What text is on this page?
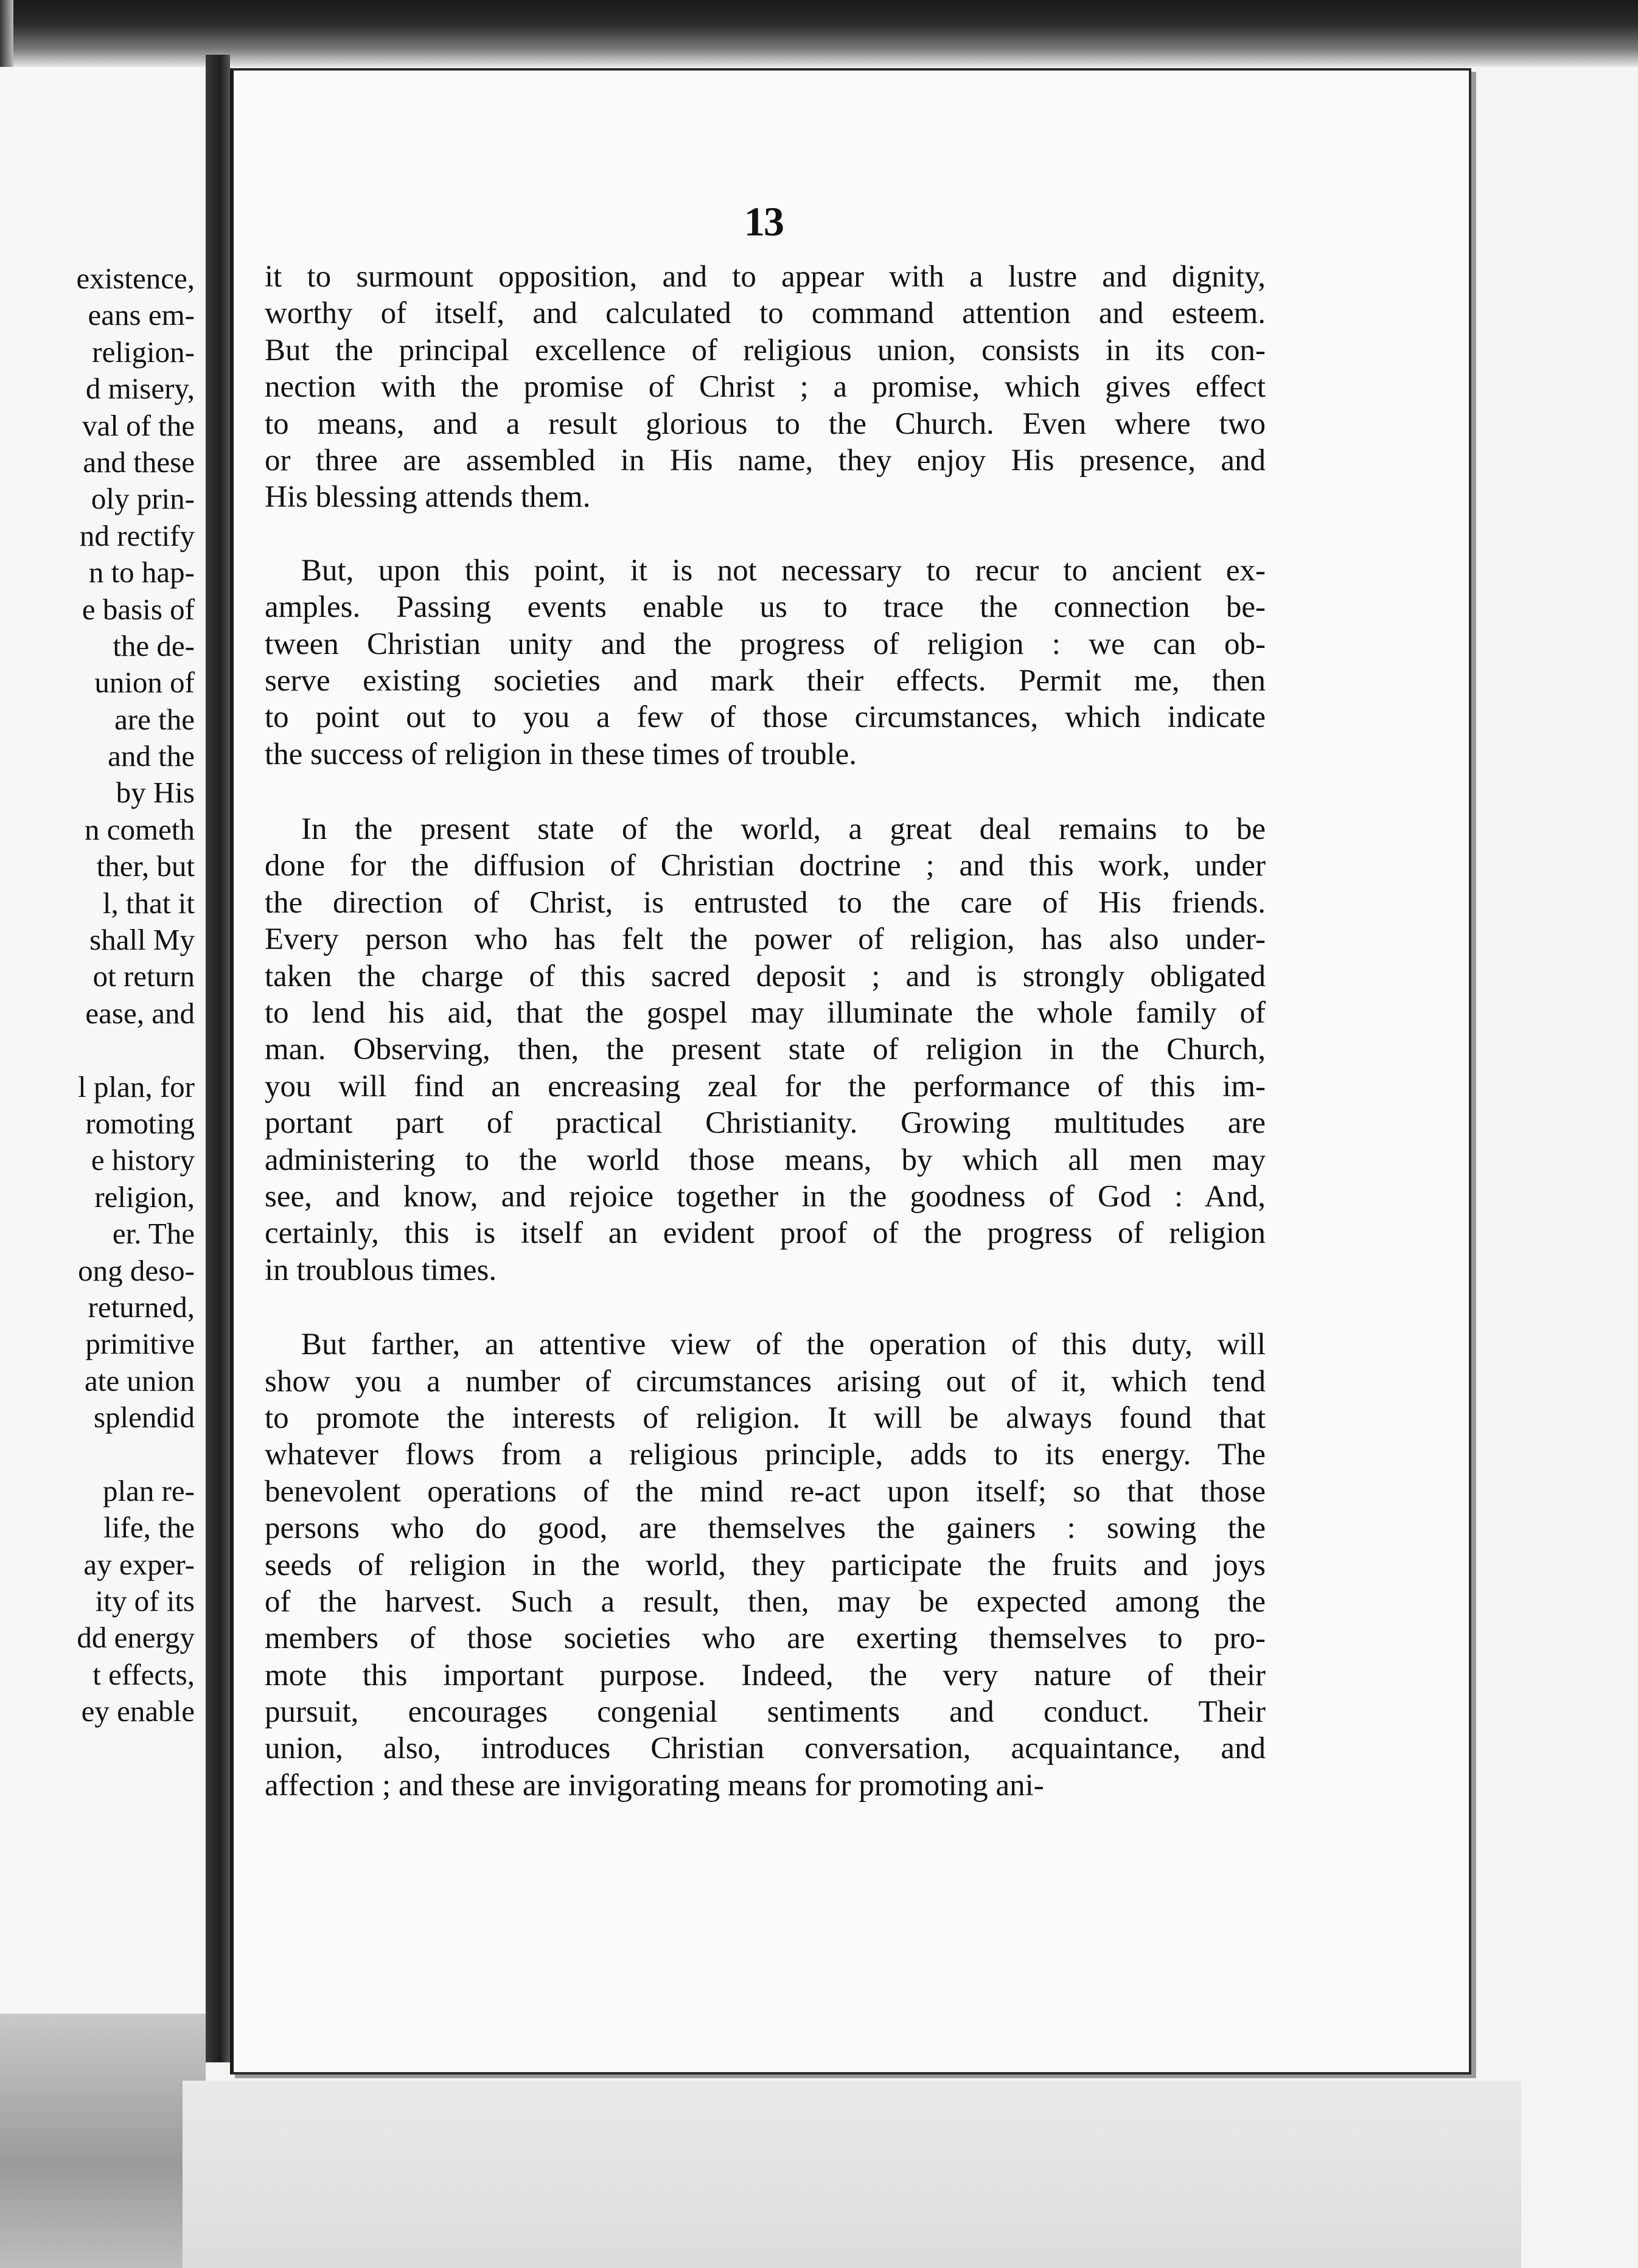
existence,
eans em-
religion-
d misery,
val of the
and these
oly prin-
nd rectify
n to hap-
e basis of
the de-
union of
are the
and the
by His
n cometh
ther, but
l, that it
shall My
ot return
ease, and
l plan, for
romoting
e history
religion,
er. The
ong deso-
returned,
primitive
ate union
splendid
plan re-
life, the
ay exper-
ity of its
dd energy
t effects,
ey enable
13
it to surmount opposition, and to appear with a lustre and dignity,
worthy of itself, and calculated to command attention and esteem.
But the principal excellence of religious union, consists in its con-
nection with the promise of Christ ; a promise, which gives effect
to means, and a result glorious to the Church. Even where two
or three are assembled in His name, they enjoy His presence, and
His blessing attends them.
But, upon this point, it is not necessary to recur to ancient ex-
amples. Passing events enable us to trace the connection be-
tween Christian unity and the progress of religion : we can ob-
serve existing societies and mark their effects. Permit me, then
to point out to you a few of those circumstances, which indicate
the success of religion in these times of trouble.
In the present state of the world, a great deal remains to be
done for the diffusion of Christian doctrine ; and this work, under
the direction of Christ, is entrusted to the care of His friends.
Every person who has felt the power of religion, has also under-
taken the charge of this sacred deposit ; and is strongly obligated
to lend his aid, that the gospel may illuminate the whole family of
man. Observing, then, the present state of religion in the Church,
you will find an encreasing zeal for the performance of this im-
portant part of practical Christianity. Growing multitudes are
administering to the world those means, by which all men may
see, and know, and rejoice together in the goodness of God : And,
certainly, this is itself an evident proof of the progress of religion
in troublous times.
But farther, an attentive view of the operation of this duty, will
show you a number of circumstances arising out of it, which tend
to promote the interests of religion. It will be always found that
whatever flows from a religious principle, adds to its energy. The
benevolent operations of the mind re-act upon itself; so that those
persons who do good, are themselves the gainers : sowing the
seeds of religion in the world, they participate the fruits and joys
of the harvest. Such a result, then, may be expected among the
members of those societies who are exerting themselves to pro-
mote this important purpose. Indeed, the very nature of their
pursuit, encourages congenial sentiments and conduct. Their
union, also, introduces Christian conversation, acquaintance, and
affection ; and these are invigorating means for promoting ani-
